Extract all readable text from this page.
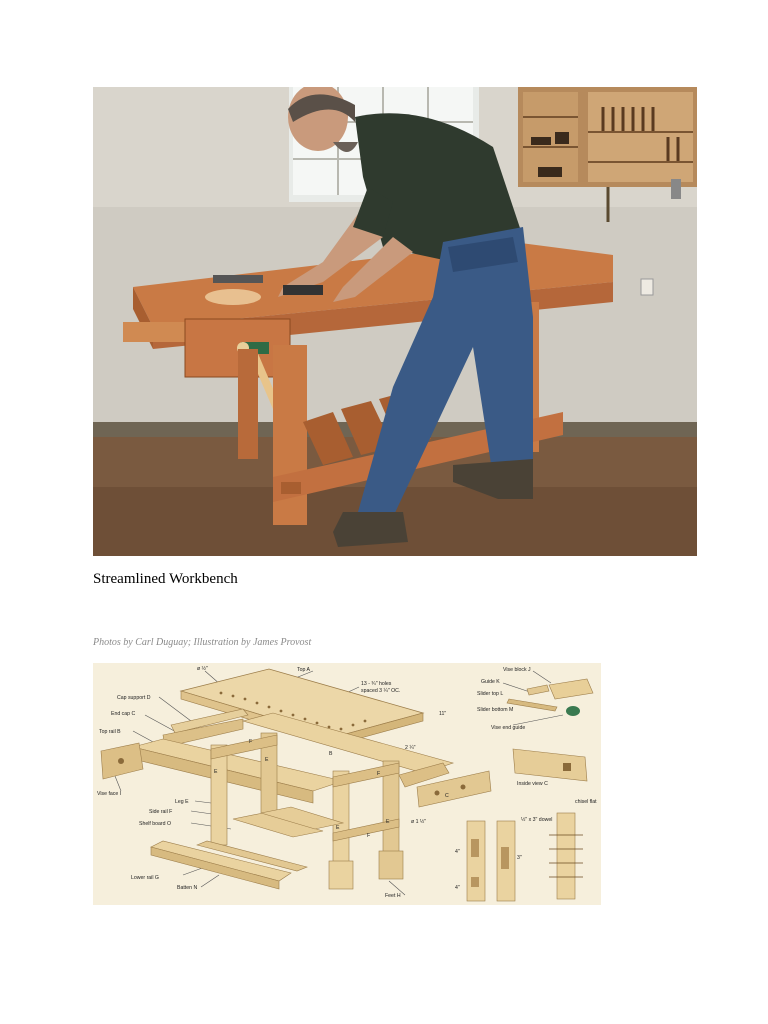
Streamlined Workbench
Photos by Carl Duguay; Illustration by James Provost
ø ½"	Top A
13 - ¾" holes
spaced 3 ¼" OC.
11"
2 ¼"
Cap support D
End cap C
Top rail B
Vise face I
Leg E
Side rail F
Shelf board O
Lower rail G
Batten N
Feet H
Vise block J
Guide K
Slider top L
Slider bottom M
Vise end guide
Inside view C
ø 1 ½"	½" x 3" dowel
chisel flat
4"
4"
3"
E
E
E
E
F
F
F
B
C
